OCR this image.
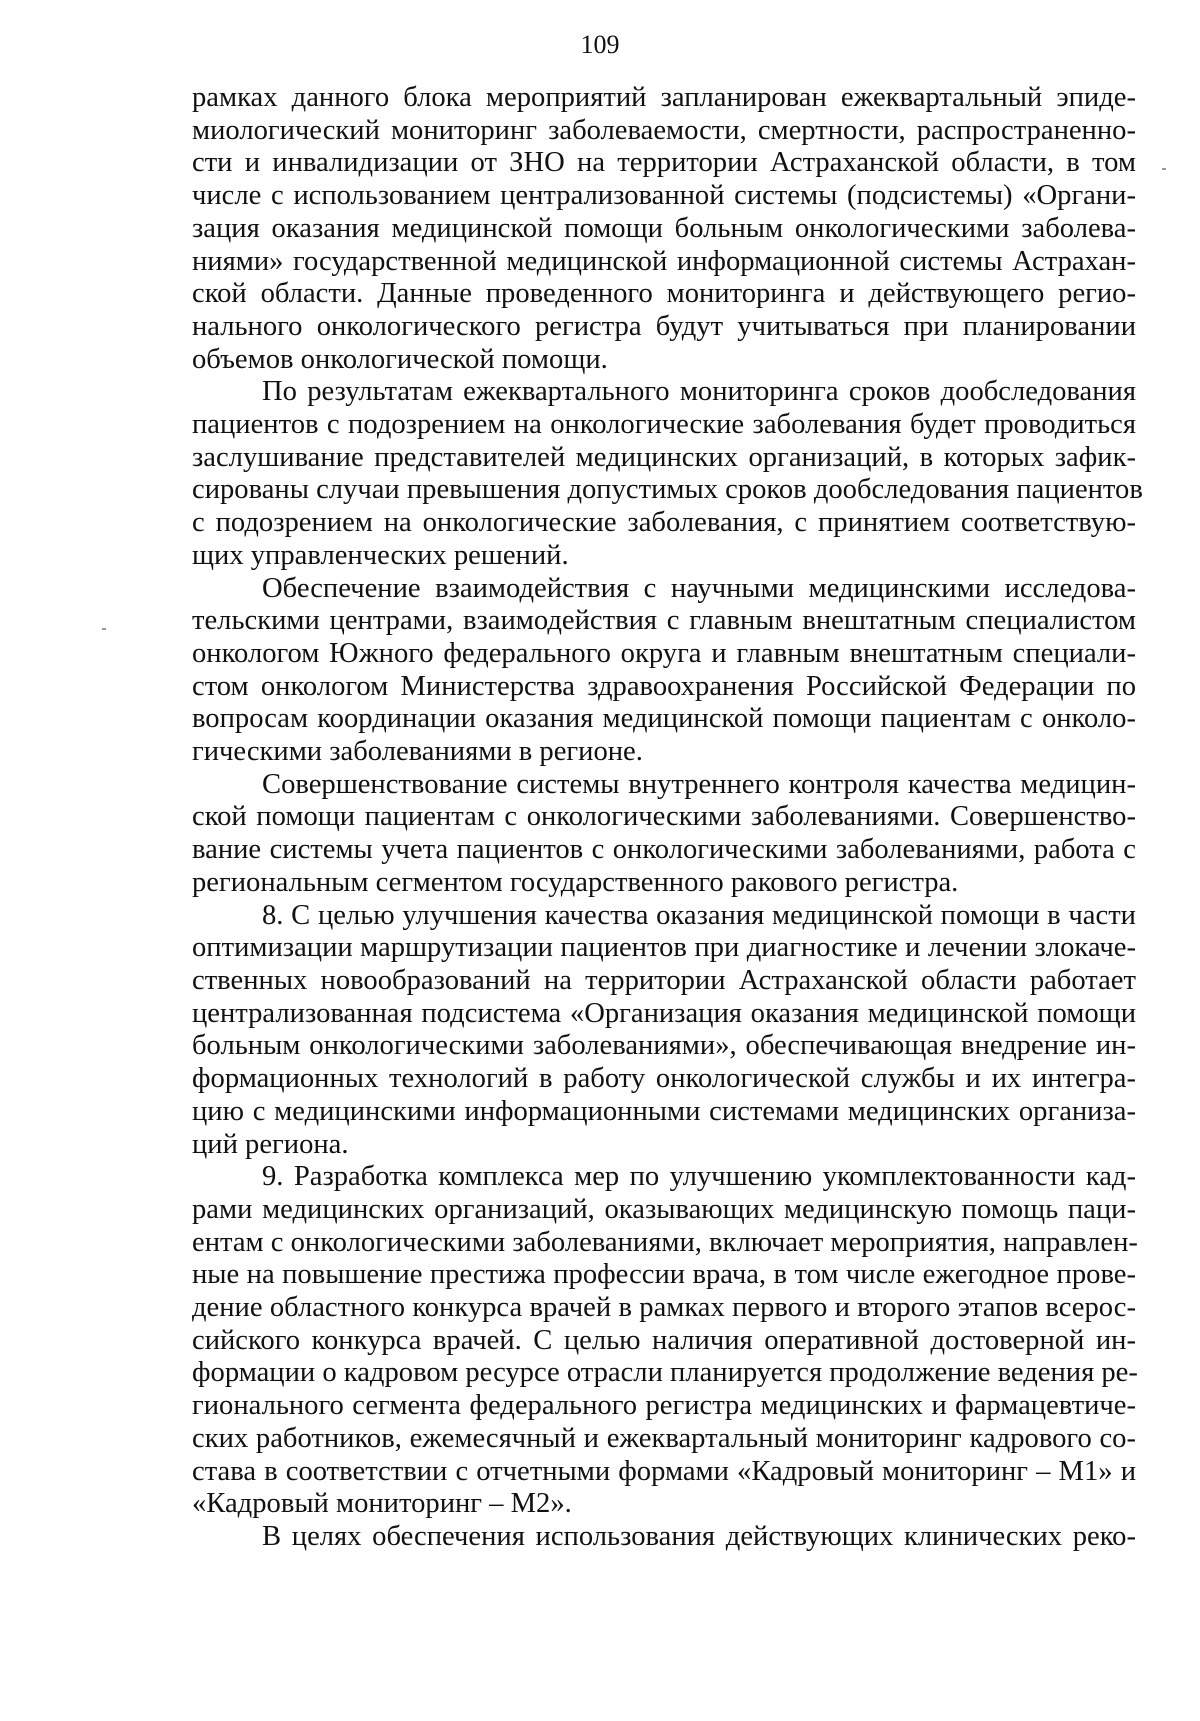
109

рамках данного блока мероприятий запланирован ежеквартальный эпиде-
миологический мониторинг заболеваемости, смертности, распространенно-
сти и инвалидизации от ЗНО на территории Астраханской области, в том
числе с использованием централизованной системы (подсистемы) «Органи-
зация оказания медицинской помощи больным онкологическими заболева-
ниями» государственной медицинской информационной системы Астрахан-
ской области. Данные проведенного мониторинга и действующего регио-
нального онкологического регистра будут учитываться при планировании
объемов онкологической помощи.

По результатам ежеквартального мониторинга сроков дообследования
пациентов с подозрением на онкологические заболевания будет проводиться
заслушивание представителей медицинских организаций, в которых зафик-
сированы случаи превышения допустимых сроков дообследования пациентов
с подозрением на онкологические заболевания, с принятием соответствую-
щих управленческих решений.

Обеспечение взаимодействия с научными медицинскими исследова-
тельскими центрами, взаимодействия с главным внештатным специалистом
онкологом Южного федерального округа и главным внештатным специали-
стом онкологом Министерства здравоохранения Российской Федерации по
вопросам координации оказания медицинской помощи пациентам с онколо-
гическими заболеваниями в регионе.

Совершенствование системы внутреннего контроля качества медицин-
ской помощи пациентам с онкологическими заболеваниями. Совершенство-
вание системы учета пациентов с онкологическими заболеваниями, работа с
региональным сегментом государственного ракового регистра.

8. С целью улучшения качества оказания медицинской помощи в части
оптимизации маршрутизации пациентов при диагностике и лечении злокаче-
ственных новообразований на территории Астраханской области работает
централизованная подсистема «Организация оказания медицинской помощи
больным онкологическими заболеваниями», обеспечивающая внедрение ин-
формационных технологий в работу онкологической службы и их интегра-
цию с медицинскими информационными системами медицинских организа-
ций региона.

9. Разработка комплекса мер по улучшению укомплектованности кад-
рами медицинских организаций, оказывающих медицинскую помощь паци-
ентам с онкологическими заболеваниями, включает мероприятия, направлен-
ные на повышение престижа профессии врача, в том числе ежегодное прове-
дение областного конкурса врачей в рамках первого и второго этапов всерос-
сийского конкурса врачей. С целью наличия оперативной достоверной ин-
формации о кадровом ресурсе отрасли планируется продолжение ведения ре-
гионального сегмента федерального регистра медицинских и фармацевтиче-
ских работников, ежемесячный и ежеквартальный мониторинг кадрового со-
става в соответствии с отчетными формами «Кадровый мониторинг – М1» и
«Кадровый мониторинг – М2».

В целях обеспечения использования действующих клинических реко-
